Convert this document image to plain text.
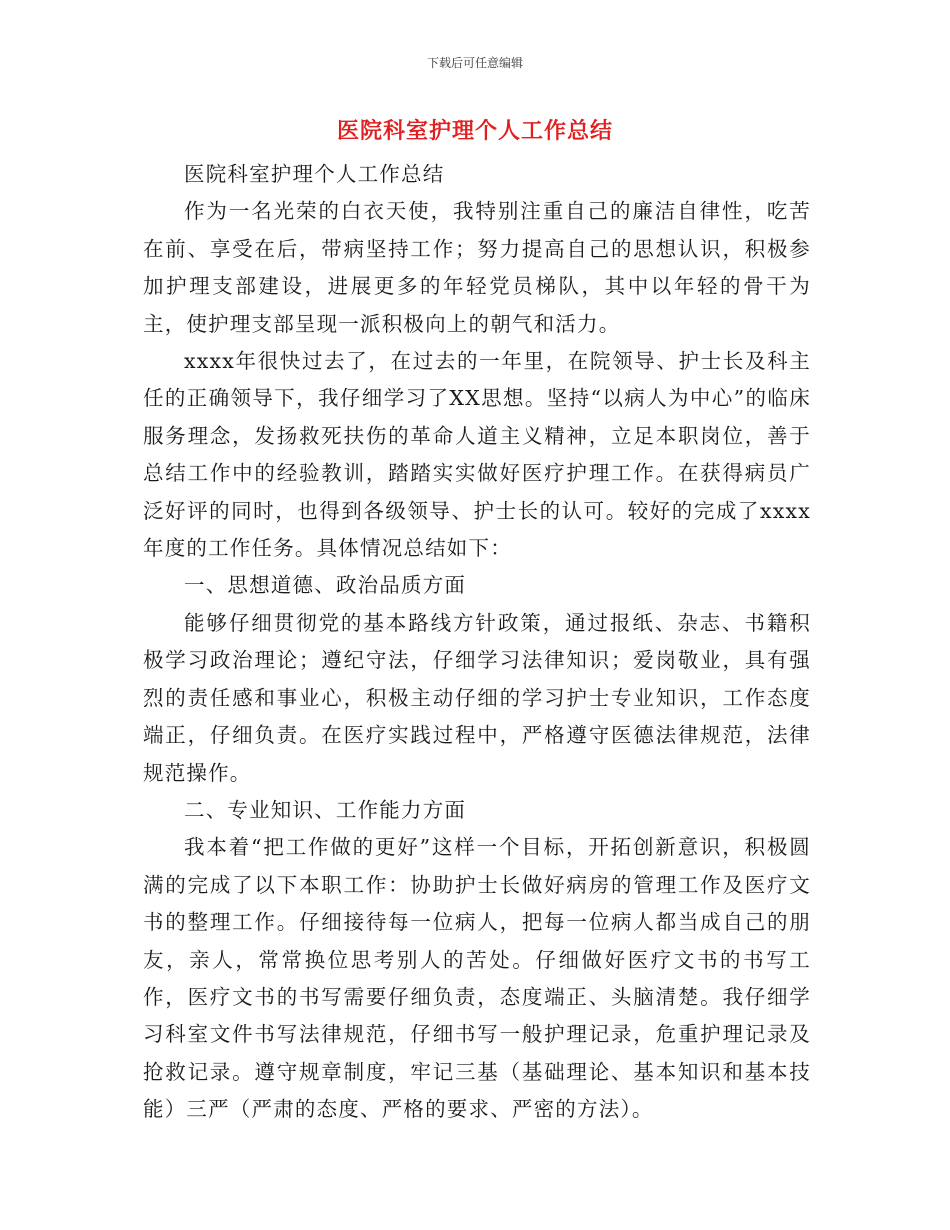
下载后可任意编辑
医院科室护理个人工作总结

医院科室护理个人工作总结

作为一名光荣的白衣天使，我特别注重自己的廉洁自律性，吃苦在前、享受在后，带病坚持工作；努力提高自己的思想认识，积极参加护理支部建设，进展更多的年轻党员梯队，其中以年轻的骨干为主，使护理支部呈现一派积极向上的朝气和活力。

xxxx年很快过去了，在过去的一年里，在院领导、护士长及科主任的正确领导下，我仔细学习了XX思想。坚持“以病人为中心”的临床服务理念，发扬救死扶伤的革命人道主义精神，立足本职岗位，善于总结工作中的经验教训，踏踏实实做好医疗护理工作。在获得病员广泛好评的同时，也得到各级领导、护士长的认可。较好的完成了xxxx年度的工作任务。具体情况总结如下：

一、思想道德、政治品质方面

能够仔细贯彻党的基本路线方针政策，通过报纸、杂志、书籍积极学习政治理论；遵纪守法，仔细学习法律知识；爱岗敬业，具有强烈的责任感和事业心，积极主动仔细的学习护士专业知识，工作态度端正，仔细负责。在医疗实践过程中，严格遵守医德法律规范，法律规范操作。

二、专业知识、工作能力方面

我本着“把工作做的更好”这样一个目标，开拓创新意识，积极圆满的完成了以下本职工作：协助护士长做好病房的管理工作及医疗文书的整理工作。仔细接待每一位病人，把每一位病人都当成自己的朋友，亲人，常常换位思考别人的苦处。仔细做好医疗文书的书写工作，医疗文书的书写需要仔细负责，态度端正、头脑清楚。我仔细学习科室文件书写法律规范，仔细书写一般护理记录，危重护理记录及抢救记录。遵守规章制度，牢记三基（基础理论、基本知识和基本技能）三严（严肃的态度、严格的要求、严密的方法）。
